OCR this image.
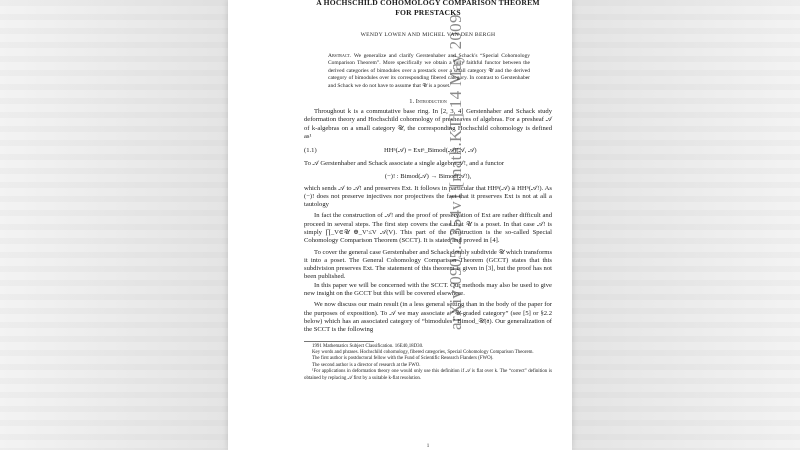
arXiv:0905.2354v1 [math.KT] 14 May 2009
A HOCHSCHILD COHOMOLOGY COMPARISON THEOREM
FOR PRESTACKS
WENDY LOWEN AND MICHEL VAN DEN BERGH
Abstract. We generalize and clarify Gerstenhaber and Schack's “Special Cohomology Comparison Theorem”. More specifically we obtain a fully faithful functor between the derived categories of bimodules over a prestack over a small category 𝒰 and the derived category of bimodules over its corresponding fibered category. In contrast to Gerstenhaber and Schack we do not have to assume that 𝒰 is a poset.
1. Introduction

Throughout k is a commutative base ring. In [2, 3, 4] Gerstenhaber and Schack study deformation theory and Hochschild cohomology of presheaves of algebras. For a presheaf 𝒜 of k-algebras on a small category 𝒰, the corresponding Hochschild cohomology is defined as¹

(1.1)	HHⁿ(𝒜) = Extⁿ_Bimod(𝒜)(𝒜, 𝒜)

To 𝒜 Gerstenhaber and Schack associate a single algebra 𝒜!, and a functor

(−)! : Bimod(𝒜) → Bimod(𝒜!),

which sends 𝒜 to 𝒜! and preserves Ext. It follows in particular that HHⁿ(𝒜) ≅ HHⁿ(𝒜!). As (−)! does not preserve injectives nor projectives the fact that it preserves Ext is not at all a tautology

In fact the construction of 𝒜! and the proof of preservation of Ext are rather difficult and proceed in several steps. The first step covers the case that 𝒰 is a poset. In that case 𝒜! is simply ∏_V∈𝒰 ⊕_V′≤V 𝒜(V). This part of the construction is the so-called Special Cohomology Comparison Theorem (SCCT). It is stated and proved in [4].

To cover the general case Gerstenhaber and Schack doubly subdivide 𝒰 which transforms it into a poset. The General Cohomology Comparison Theorem (GCCT) states that this subdivision preserves Ext. The statement of this theorem is given in [3], but the proof has not been published.

In this paper we will be concerned with the SCCT. Our methods may also be used to give new insight on the GCCT but this will be covered elsewhere.

We now discuss our main result (in a less general setting than in the body of the paper for the purposes of exposition). To 𝒜 we may associate a “𝒰-graded category” (see [5] or §2.2 below) which has an associated category of “bimodules” Bimod_𝒰(𝔞). Our generalization of the SCCT is the following

1991 Mathematics Subject Classification. 16E40,18D30.
Key words and phrases. Hochschild cohomology, fibered categories, Special Cohomology Comparison Theorem.
The first author is postdoctoral fellow with the Fund of Scientific Research Flanders (FWO).
The second author is a director of research at the FWO.
¹For applications in deformation theory one would only use this definition if 𝒜 is flat over k. The “correct” definition is obtained by replacing 𝒜 first by a suitable k-flat resolution.
1
